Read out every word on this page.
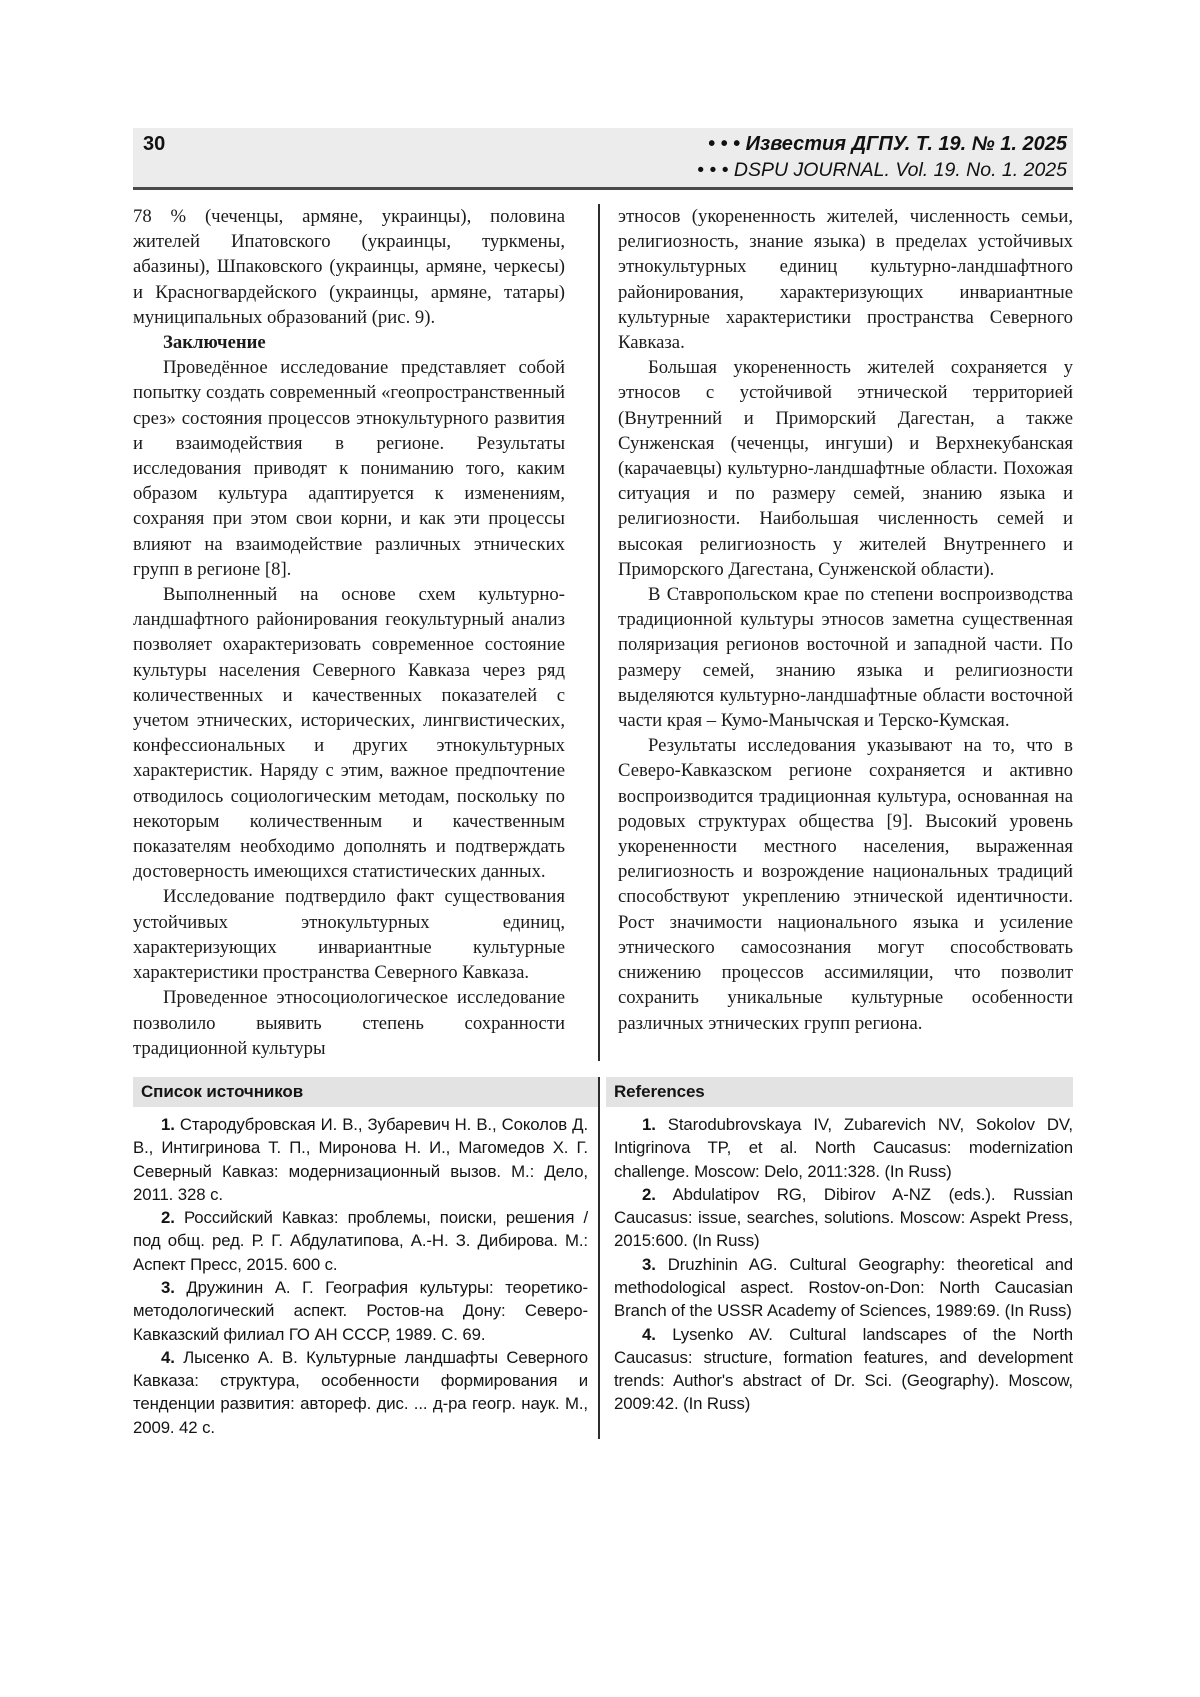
30	• • • Известия ДГПУ. Т. 19. № 1. 2025
• • • DSPU JOURNAL. Vol. 19. No. 1. 2025

78 % (чеченцы, армяне, украинцы), половина жителей Ипатовского (украинцы, туркмены, абазины), Шпаковского (украинцы, армяне, черкесы) и Красногвардейского (украинцы, армяне, татары) муниципальных образований (рис. 9).

Заключение

Проведённое исследование представляет собой попытку создать современный «геопространственный срез» состояния процессов этнокультурного развития и взаимодействия в регионе. Результаты исследования приводят к пониманию того, каким образом культура адаптируется к изменениям, сохраняя при этом свои корни, и как эти процессы влияют на взаимодействие различных этнических групп в регионе [8].

Выполненный на основе схем культурно-ландшафтного районирования геокультурный анализ позволяет охарактеризовать современное состояние культуры населения Северного Кавказа через ряд количественных и качественных показателей с учетом этнических, исторических, лингвистических, конфессиональных и других этнокультурных характеристик. Наряду с этим, важное предпочтение отводилось социологическим методам, поскольку по некоторым количественным и качественным показателям необходимо дополнять и подтверждать достоверность имеющихся статистических данных.

Исследование подтвердило факт существования устойчивых этнокультурных единиц, характеризующих инвариантные культурные характеристики пространства Северного Кавказа.

Проведенное этносоциологическое исследование позволило выявить степень сохранности традиционной культуры

этносов (укорененность жителей, численность семьи, религиозность, знание языка) в пределах устойчивых этнокультурных единиц культурно-ландшафтного районирования, характеризующих инвариантные культурные характеристики пространства Северного Кавказа.

Большая укорененность жителей сохраняется у этносов с устойчивой этнической территорией (Внутренний и Приморский Дагестан, а также Сунженская (чеченцы, ингуши) и Верхнекубанская (карачаевцы) культурно-ландшафтные области. Похожая ситуация и по размеру семей, знанию языка и религиозности. Наибольшая численность семей и высокая религиозность у жителей Внутреннего и Приморского Дагестана, Сунженской области).

В Ставропольском крае по степени воспроизводства традиционной культуры этносов заметна существенная поляризация регионов восточной и западной части. По размеру семей, знанию языка и религиозности выделяются культурно-ландшафтные области восточной части края – Кумо-Манычская и Терско-Кумская.

Результаты исследования указывают на то, что в Северо-Кавказском регионе сохраняется и активно воспроизводится традиционная культура, основанная на родовых структурах общества [9]. Высокий уровень укорененности местного населения, выраженная религиозность и возрождение национальных традиций способствуют укреплению этнической идентичности. Рост значимости национального языка и усиление этнического самосознания могут способствовать снижению процессов ассимиляции, что позволит сохранить уникальные культурные особенности различных этнических групп региона.

Список источников

1. Стародубровская И. В., Зубаревич Н. В., Соколов Д. В., Интигринова Т. П., Миронова Н. И., Магомедов Х. Г. Северный Кавказ: модернизационный вызов. М.: Дело, 2011. 328 с.

2. Российский Кавказ: проблемы, поиски, решения / под общ. ред. Р. Г. Абдулатипова, А.-Н. З. Дибирова. М.: Аспект Пресс, 2015. 600 с.

3. Дружинин А. Г. География культуры: теоретико-методологический аспект. Ростов-на Дону: Северо-Кавказский филиал ГО АН СССР, 1989. С. 69.

4. Лысенко А. В. Культурные ландшафты Северного Кавказа: структура, особенности формирования и тенденции развития: автореф. дис. ... д-ра геогр. наук. М., 2009. 42 с.

References

1. Starodubrovskaya IV, Zubarevich NV, Sokolov DV, Intigrinova TP, et al. North Caucasus: modernization challenge. Moscow: Delo, 2011:328. (In Russ)

2. Abdulatipov RG, Dibirov A-NZ (eds.). Russian Caucasus: issue, searches, solutions. Moscow: Aspekt Press, 2015:600. (In Russ)

3. Druzhinin AG. Cultural Geography: theoretical and methodological aspect. Rostov-on-Don: North Caucasian Branch of the USSR Academy of Sciences, 1989:69. (In Russ)

4. Lysenko AV. Cultural landscapes of the North Caucasus: structure, formation features, and development trends: Author's abstract of Dr. Sci. (Geography). Moscow, 2009:42. (In Russ)
